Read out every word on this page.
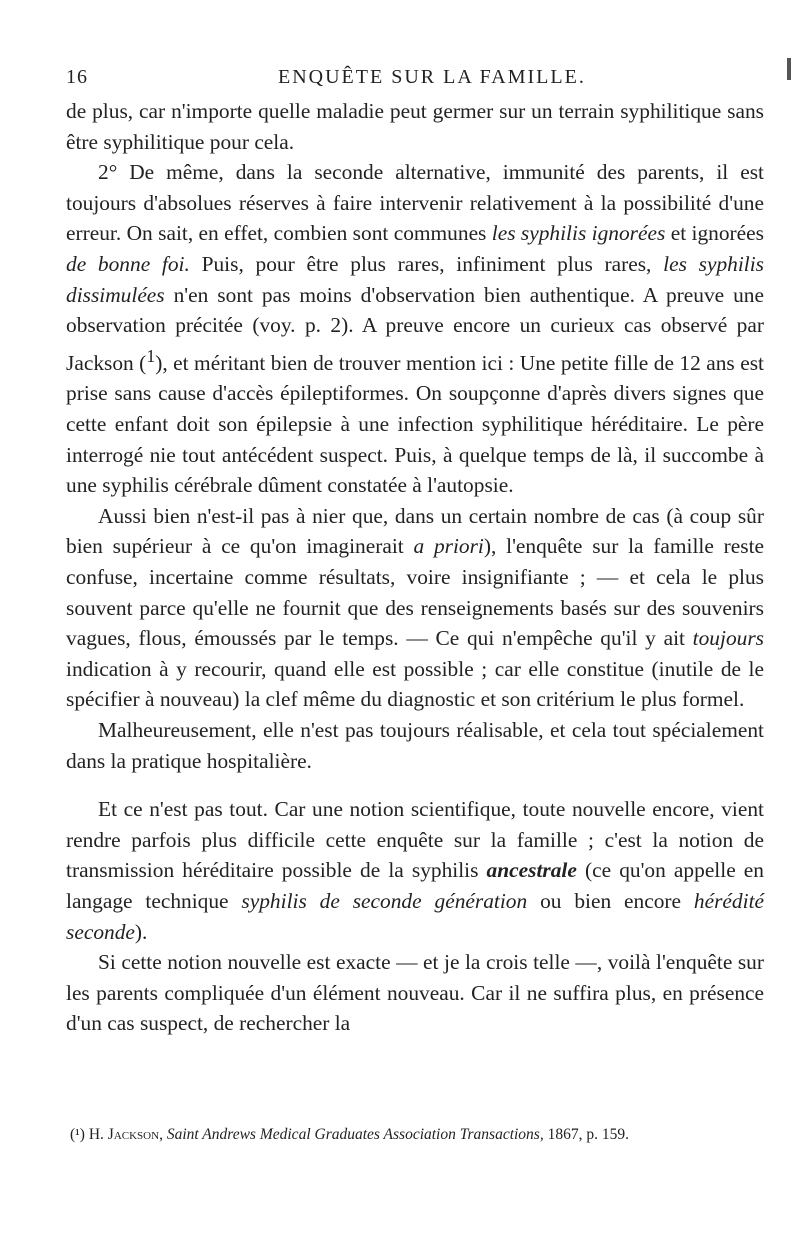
16	ENQUÊTE SUR LA FAMILLE.

de plus, car n'importe quelle maladie peut germer sur un terrain syphilitique sans être syphilitique pour cela.

2° De même, dans la seconde alternative, immunité des parents, il est toujours d'absolues réserves à faire intervenir relativement à la possibilité d'une erreur. On sait, en effet, combien sont communes les syphilis ignorées et ignorées de bonne foi. Puis, pour être plus rares, infiniment plus rares, les syphilis dissimulées n'en sont pas moins d'observation bien authentique. A preuve une observation précitée (voy. p. 2). A preuve encore un curieux cas observé par Jackson ($^1$), et méritant bien de trouver mention ici : Une petite fille de 12 ans est prise sans cause d'accès épileptiformes. On soupçonne d'après divers signes que cette enfant doit son épilepsie à une infection syphilitique héréditaire. Le père interrogé nie tout antécédent suspect. Puis, à quelque temps de là, il succombe à une syphilis cérébrale dûment constatée à l'autopsie.

Aussi bien n'est-il pas à nier que, dans un certain nombre de cas (à coup sûr bien supérieur à ce qu'on imaginerait a priori), l'enquête sur la famille reste confuse, incertaine comme résultats, voire insignifiante ; — et cela le plus souvent parce qu'elle ne fournit que des renseignements basés sur des souvenirs vagues, flous, émoussés par le temps. — Ce qui n'empêche qu'il y ait toujours indication à y recourir, quand elle est possible ; car elle constitue (inutile de le spécifier à nouveau) la clef même du diagnostic et son critérium le plus formel.

Malheureusement, elle n'est pas toujours réalisable, et cela tout spécialement dans la pratique hospitalière.

Et ce n'est pas tout. Car une notion scientifique, toute nouvelle encore, vient rendre parfois plus difficile cette enquête sur la famille ; c'est la notion de transmission héréditaire possible de la syphilis ancestrale (ce qu'on appelle en langage technique syphilis de seconde génération ou bien encore hérédité seconde).

Si cette notion nouvelle est exacte — et je la crois telle —, voilà l'enquête sur les parents compliquée d'un élément nouveau. Car il ne suffira plus, en présence d'un cas suspect, de rechercher la

(¹) H. Jackson, Saint Andrews Medical Graduates Association Transactions, 1867, p. 159.
